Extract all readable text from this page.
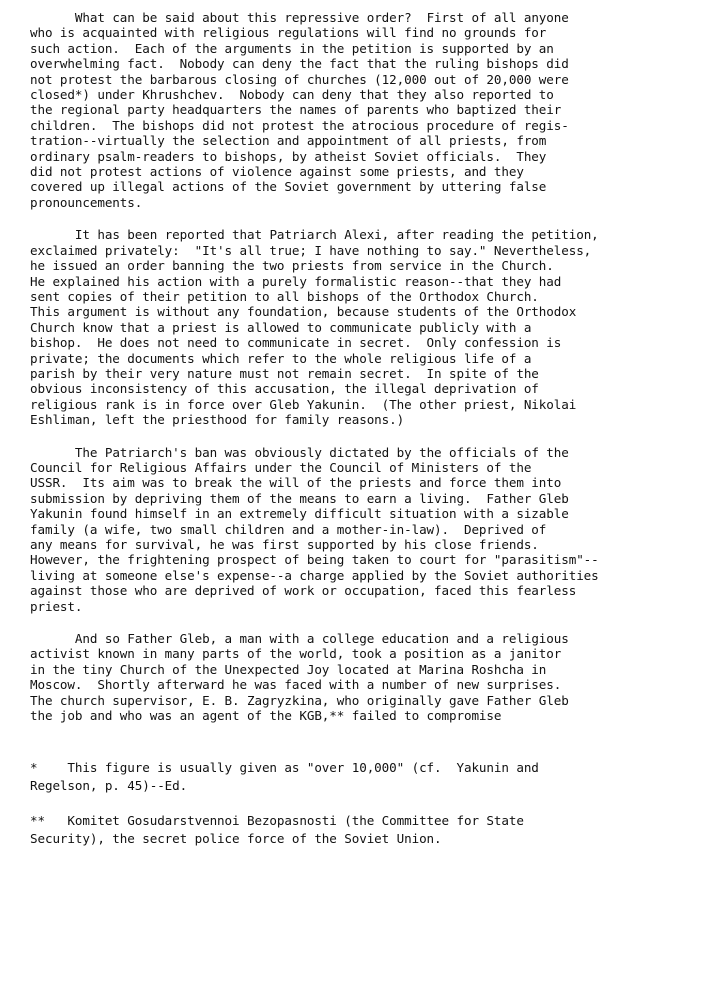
What can be said about this repressive order?  First of all anyone
who is acquainted with religious regulations will find no grounds for
such action.  Each of the arguments in the petition is supported by an
overwhelming fact.  Nobody can deny the fact that the ruling bishops did
not protest the barbarous closing of churches (12,000 out of 20,000 were
closed*) under Khrushchev.  Nobody can deny that they also reported to
the regional party headquarters the names of parents who baptized their
children.  The bishops did not protest the atrocious procedure of regis-
tration--virtually the selection and appointment of all priests, from
ordinary psalm-readers to bishops, by atheist Soviet officials.  They
did not protest actions of violence against some priests, and they
covered up illegal actions of the Soviet government by uttering false
pronouncements.

It has been reported that Patriarch Alexi, after reading the petition,
exclaimed privately:  "It's all true; I have nothing to say." Nevertheless,
he issued an order banning the two priests from service in the Church.
He explained his action with a purely formalistic reason--that they had
sent copies of their petition to all bishops of the Orthodox Church.
This argument is without any foundation, because students of the Orthodox
Church know that a priest is allowed to communicate publicly with a
bishop.  He does not need to communicate in secret.  Only confession is
private; the documents which refer to the whole religious life of a
parish by their very nature must not remain secret.  In spite of the
obvious inconsistency of this accusation, the illegal deprivation of
religious rank is in force over Gleb Yakunin.  (The other priest, Nikolai
Eshliman, left the priesthood for family reasons.)

The Patriarch's ban was obviously dictated by the officials of the
Council for Religious Affairs under the Council of Ministers of the
USSR.  Its aim was to break the will of the priests and force them into
submission by depriving them of the means to earn a living.  Father Gleb
Yakunin found himself in an extremely difficult situation with a sizable
family (a wife, two small children and a mother-in-law).  Deprived of
any means for survival, he was first supported by his close friends.
However, the frightening prospect of being taken to court for "parasitism"--
living at someone else's expense--a charge applied by the Soviet authorities
against those who are deprived of work or occupation, faced this fearless
priest.

And so Father Gleb, a man with a college education and a religious
activist known in many parts of the world, took a position as a janitor
in the tiny Church of the Unexpected Joy located at Marina Roshcha in
Moscow.  Shortly afterward he was faced with a number of new surprises.
The church supervisor, E. B. Zagryzkina, who originally gave Father Gleb
the job and who was an agent of the KGB,** failed to compromise

*    This figure is usually given as "over 10,000" (cf.  Yakunin and
Regelson, p. 45)--Ed.

**   Komitet Gosudarstvennoi Bezopasnosti (the Committee for State
Security), the secret police force of the Soviet Union.
